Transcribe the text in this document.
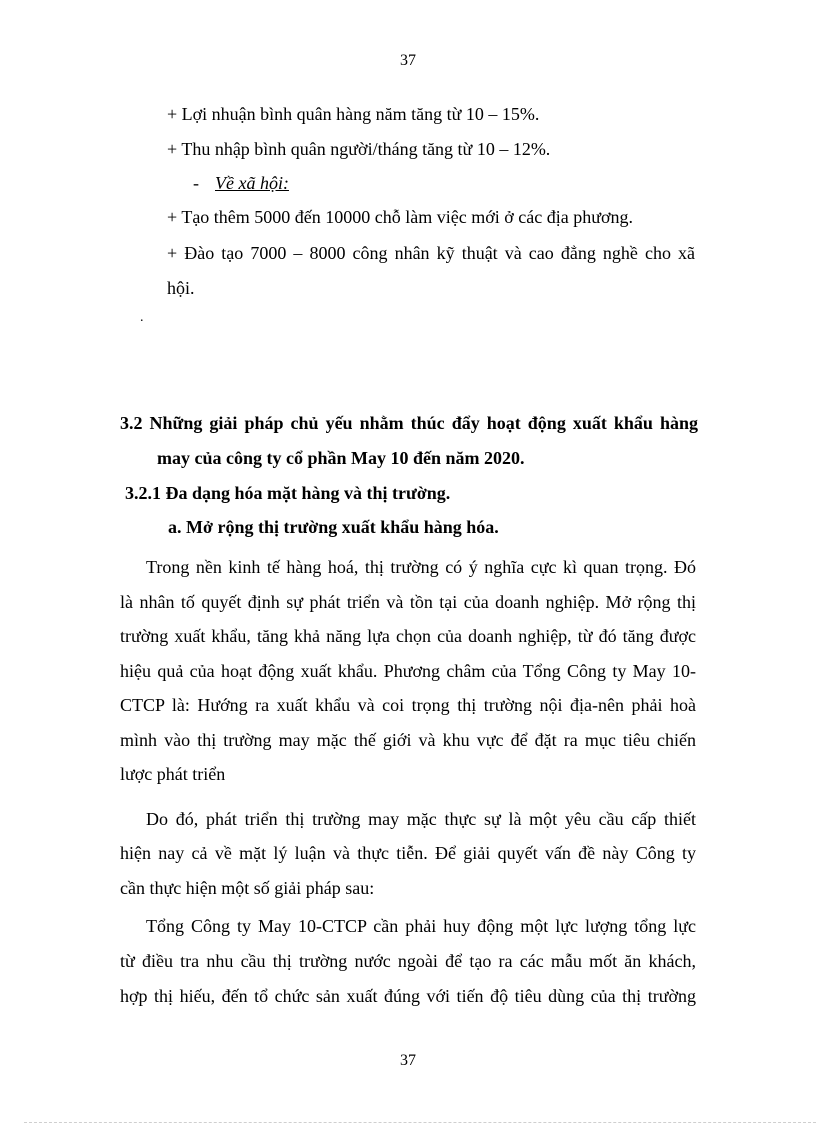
37
+ Lợi nhuận bình quân hàng năm tăng từ 10 – 15%.
+ Thu nhập bình quân người/tháng tăng từ 10 – 12%.
- Về xã hội:
+ Tạo thêm 5000 đến 10000 chỗ làm việc mới ở các địa phương.
+ Đào tạo 7000 – 8000 công nhân kỹ thuật và cao đẳng nghề cho xã
hội.
.
3.2 Những giải pháp chủ yếu nhằm thúc đẩy hoạt động xuất khẩu hàng
may của công ty cổ phần May 10 đến năm 2020.
3.2.1 Đa dạng hóa mặt hàng và thị trường.
a. Mở rộng thị trường xuất khẩu hàng hóa.
Trong nền kinh tế hàng hoá, thị trường có ý nghĩa cực kì quan trọng. Đó
là nhân tố quyết định sự phát triển và tồn tại của doanh nghiệp. Mở rộng thị
trường xuất khẩu, tăng khả năng lựa chọn của doanh nghiệp, từ đó tăng được
hiệu quả của hoạt động xuất khẩu. Phương châm của Tổng Công ty May 10-
CTCP là: Hướng ra xuất khẩu và coi trọng thị trường nội địa-nên phải hoà
mình vào thị trường may mặc thế giới và khu vực để đặt ra mục tiêu chiến
lược phát triển
Do đó, phát triển thị trường may mặc thực sự là một yêu cầu cấp thiết
hiện nay cả về mặt lý luận và thực tiễn. Để giải quyết vấn đề này Công ty
cần thực hiện một số giải pháp sau:
Tổng Công ty May 10-CTCP cần phải huy động một lực lượng tổng lực
từ điều tra nhu cầu thị trường nước ngoài để tạo ra các mẫu mốt ăn khách,
hợp thị hiếu, đến tổ chức sản xuất đúng với tiến độ tiêu dùng của thị trường
37
